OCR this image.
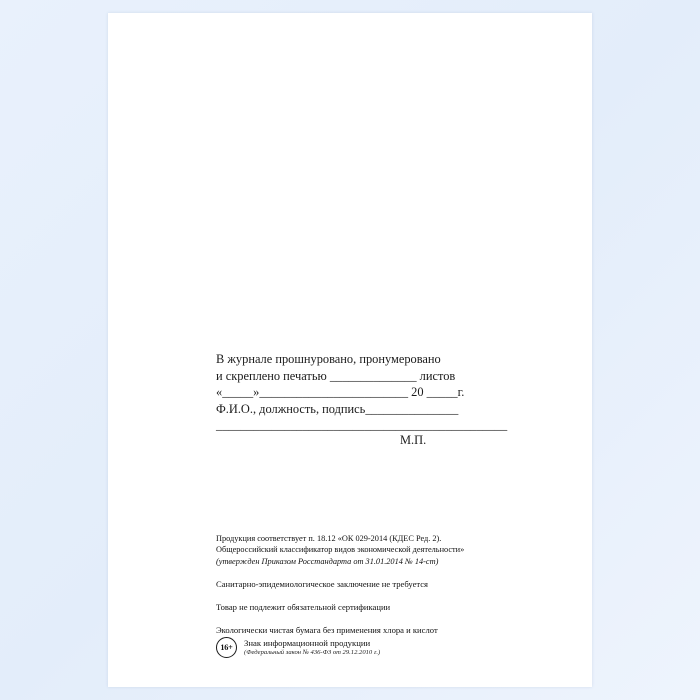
В журнале прошнуровано, пронумеровано
и скреплено печатью ______________ листов
«_____»________________________ 20 _____г.
Ф.И.О., должность, подпись_______________
_______________________________________________
М.П.
Продукция соответствует п. 18.12 «ОК 029-2014 (КДЕС Ред. 2).
Общероссийский классификатор видов экономической деятельности»
(утвержден Приказом Росстандарта от 31.01.2014 № 14-ст)
Санитарно-эпидемиологическое заключение не требуется
Товар не подлежит обязательной сертификации
Экологически чистая бумага без применения хлора и кислот
16+	Знак информационной продукции
(Федеральный закон № 436-ФЗ от 29.12.2010 г.)
